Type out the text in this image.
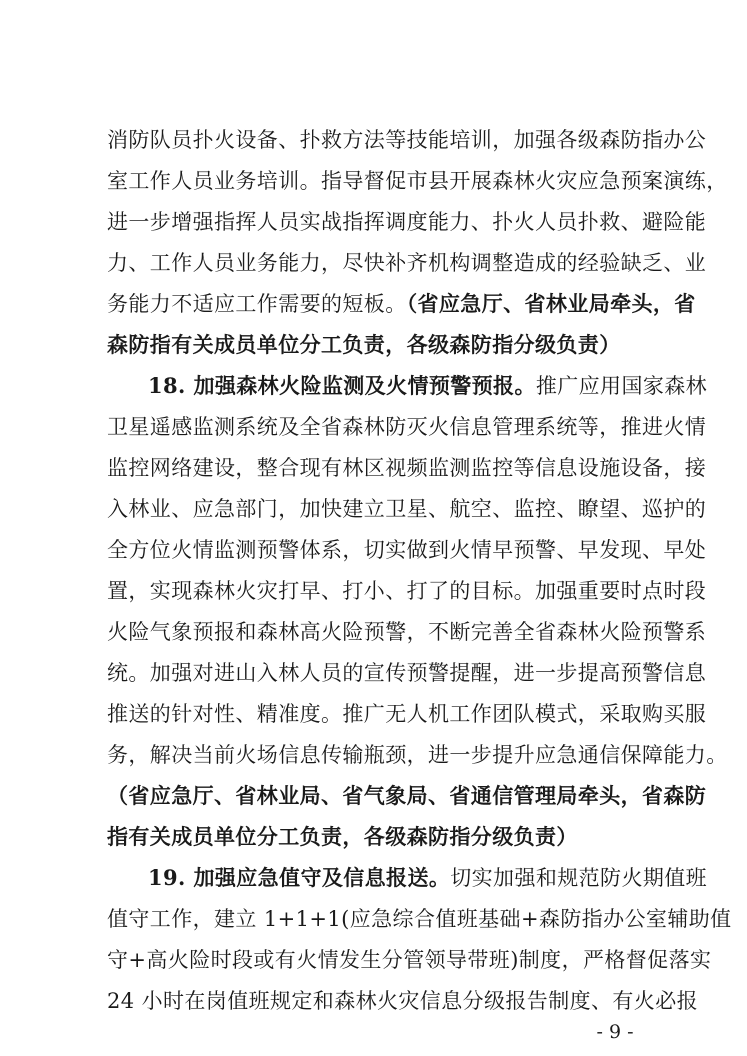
消防队员扑火设备、扑救方法等技能培训，加强各级森防指办公
室工作人员业务培训。指导督促市县开展森林火灾应急预案演练，
进一步增强指挥人员实战指挥调度能力、扑火人员扑救、避险能
力、工作人员业务能力，尽快补齐机构调整造成的经验缺乏、业
务能力不适应工作需要的短板。（省应急厅、省林业局牵头，省
森防指有关成员单位分工负责，各级森防指分级负责）
18. 加强森林火险监测及火情预警预报。推广应用国家森林
卫星遥感监测系统及全省森林防灭火信息管理系统等，推进火情
监控网络建设，整合现有林区视频监测监控等信息设施设备，接
入林业、应急部门，加快建立卫星、航空、监控、瞭望、巡护的
全方位火情监测预警体系，切实做到火情早预警、早发现、早处
置，实现森林火灾打早、打小、打了的目标。加强重要时点时段
火险气象预报和森林高火险预警，不断完善全省森林火险预警系
统。加强对进山入林人员的宣传预警提醒，进一步提高预警信息
推送的针对性、精准度。推广无人机工作团队模式，采取购买服
务，解决当前火场信息传输瓶颈，进一步提升应急通信保障能力。
（省应急厅、省林业局、省气象局、省通信管理局牵头，省森防
指有关成员单位分工负责，各级森防指分级负责）
19. 加强应急值守及信息报送。切实加强和规范防火期值班
值守工作，建立 1+1+1(应急综合值班基础+森防指办公室辅助值
守+高火险时段或有火情发生分管领导带班)制度，严格督促落实
24 小时在岗值班规定和森林火灾信息分级报告制度、有火必报
- 9 -
